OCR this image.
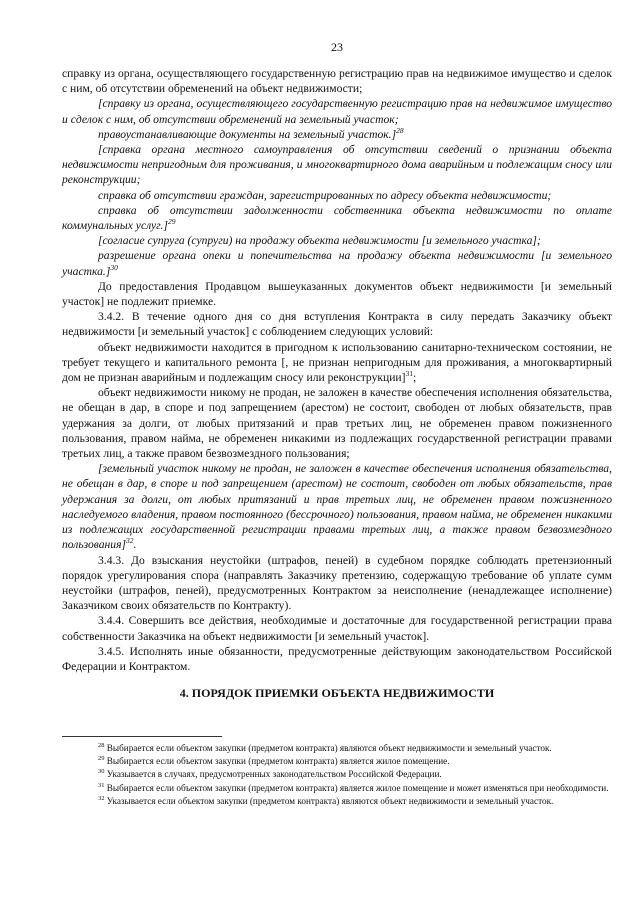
23

справку из органа, осуществляющего государственную регистрацию прав на недвижимое имущество и сделок с ним, об отсутствии обременений на объект недвижимости;

[справку из органа, осуществляющего государственную регистрацию прав на недвижимое имущество и сделок с ним, об отсутствии обременений на земельный участок;

правоустанавливающие документы на земельный участок.]$^{28}$

[справка органа местного самоуправления об отсутствии сведений о признании объекта недвижимости непригодным для проживания, и многоквартирного дома аварийным и подлежащим сносу или реконструкции;

справка об отсутствии граждан, зарегистрированных по адресу объекта недвижимости;

справка об отсутствии задолженности собственника объекта недвижимости по оплате коммунальных услуг.]$^{29}$

[согласие супруга (супруги) на продажу объекта недвижимости [и земельного участка];

разрешение органа опеки и попечительства на продажу объекта недвижимости [и земельного участка.]$^{30}$

До предоставления Продавцом вышеуказанных документов объект недвижимости [и земельный участок] не подлежит приемке.

3.4.2. В течение одного дня со дня вступления Контракта в силу передать Заказчику объект недвижимости [и земельный участок] с соблюдением следующих условий:

объект недвижимости находится в пригодном к использованию санитарно-техническом состоянии, не требует текущего и капитального ремонта [, не признан непригодным для проживания, а многоквартирный дом не признан аварийным и подлежащим сносу или реконструкции]$^{31}$;

объект недвижимости никому не продан, не заложен в качестве обеспечения исполнения обязательства, не обещан в дар, в споре и под запрещением (арестом) не состоит, свободен от любых обязательств, прав удержания за долги, от любых притязаний и прав третьих лиц, не обременен правом пожизненного пользования, правом найма, не обременен никакими из подлежащих государственной регистрации правами третьих лиц, а также правом безвозмездного пользования;

[земельный участок никому не продан, не заложен в качестве обеспечения исполнения обязательства, не обещан в дар, в споре и под запрещением (арестом) не состоит, свободен от любых обязательств, прав удержания за долги, от любых притязаний и прав третьих лиц, не обременен правом пожизненного наследуемого владения, правом постоянного (бессрочного) пользования, правом найма, не обременен никакими из подлежащих государственной регистрации правами третьих лиц, а также правом безвозмездного пользования]$^{32}$.

3.4.3. До взыскания неустойки (штрафов, пеней) в судебном порядке соблюдать претензионный порядок урегулирования спора (направлять Заказчику претензию, содержащую требование об уплате сумм неустойки (штрафов, пеней), предусмотренных Контрактом за неисполнение (ненадлежащее исполнение) Заказчиком своих обязательств по Контракту).

3.4.4. Совершить все действия, необходимые и достаточные для государственной регистрации права собственности Заказчика на объект недвижимости [и земельный участок].

3.4.5. Исполнять иные обязанности, предусмотренные действующим законодательством Российской Федерации и Контрактом.

4. ПОРЯДОК ПРИЕМКИ ОБЪЕКТА НЕДВИЖИМОСТИ

$^{28}$ Выбирается если объектом закупки (предметом контракта) являются объект недвижимости и земельный участок.

$^{29}$ Выбирается если объектом закупки (предметом контракта) является жилое помещение.

$^{30}$ Указывается в случаях, предусмотренных законодательством Российской Федерации.

$^{31}$ Выбирается если объектом закупки (предметом контракта) является жилое помещение и может изменяться при необходимости.

$^{32}$ Указывается если объектом закупки (предметом контракта) являются объект недвижимости и земельный участок.
